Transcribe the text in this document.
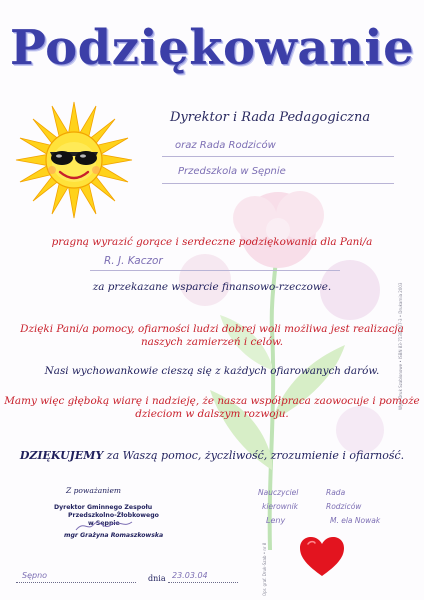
Podziękowanie

Dyrektor i Rada Pedagogiczna

oraz Rada Rodziców

Przedszkola w Sępnie

pragną wyrazić gorące i serdeczne podziękowania dla Pani/a

R. J. Kaczor

za przekazane wsparcie finansowo-rzeczowe.

Dzięki Pani/a pomocy, ofiarności ludzi dobrej woli możliwa jest realizacja

naszych zamierzeń i celów.

Nasi wychowankowie cieszą się z każdych ofiarowanych darów.

Mamy więc głęboką wiarę i nadzieję, że nasza współpraca zaowocuje i pomoże

dzieciom w dalszym rozwoju.

DZIĘKUJEMY za Waszą pomoc, życzliwość, zrozumienie i ofiarność.

Z poważaniem

Dyrektor Gminnego Zespołu

Przedszkolno-Żłobkowego

w Sępnie

mgr Grażyna Romaszkowska

Nauczyciel

kierownik

Leny

Rada

Rodziców

M. ela Nowak

Sępno	dnia 23.03.04

Wyd. Druk Szablonowe • ISBN 83-7130-207-3 • Drukarnia 2003
Opr. graf. Druk-Szab • nr 8
